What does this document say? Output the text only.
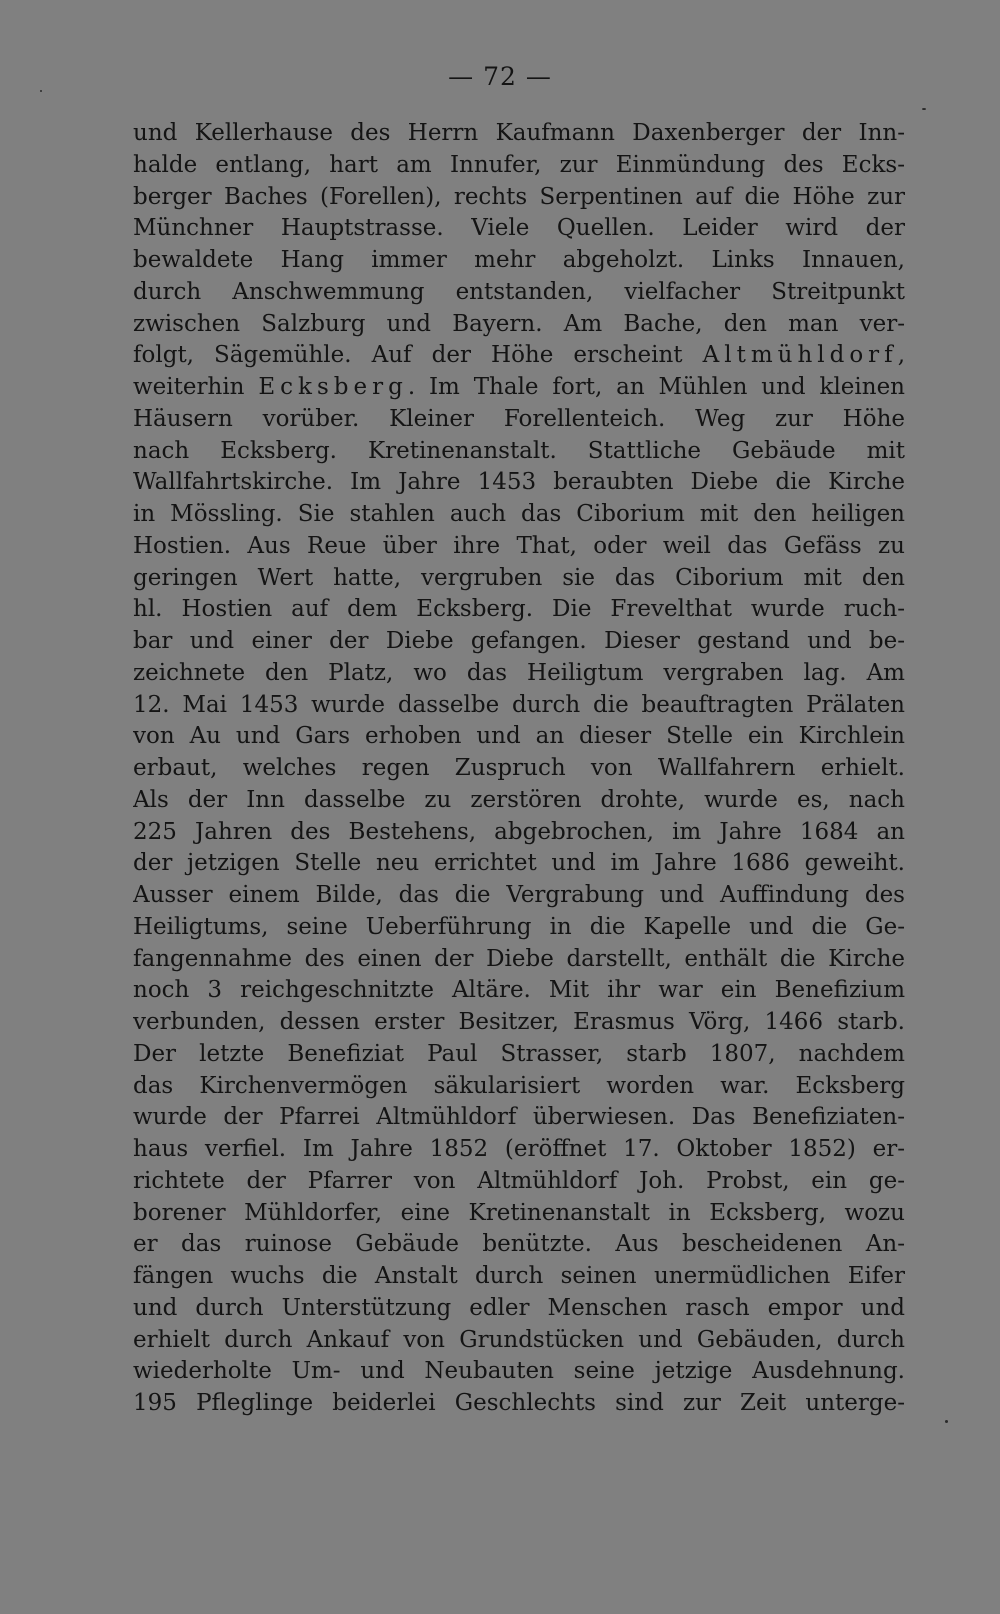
— 72 —
und Kellerhause des Herrn Kaufmann Daxenberger der Inn-
halde entlang, hart am Innufer, zur Einmündung des Ecks-
berger Baches (Forellen), rechts Serpentinen auf die Höhe zur
Münchner Hauptstrasse. Viele Quellen. Leider wird der
bewaldete Hang immer mehr abgeholzt. Links Innauen,
durch Anschwemmung entstanden, vielfacher Streitpunkt
zwischen Salzburg und Bayern. Am Bache, den man ver-
folgt, Sägemühle. Auf der Höhe erscheint Altmühldorf,
weiterhin Ecksberg. Im Thale fort, an Mühlen und kleinen
Häusern vorüber. Kleiner Forellenteich. Weg zur Höhe
nach Ecksberg. Kretinenanstalt. Stattliche Gebäude mit
Wallfahrtskirche. Im Jahre 1453 beraubten Diebe die Kirche
in Mössling. Sie stahlen auch das Ciborium mit den heiligen
Hostien. Aus Reue über ihre That, oder weil das Gefäss zu
geringen Wert hatte, vergruben sie das Ciborium mit den
hl. Hostien auf dem Ecksberg. Die Frevelthat wurde ruch-
bar und einer der Diebe gefangen. Dieser gestand und be-
zeichnete den Platz, wo das Heiligtum vergraben lag. Am
12. Mai 1453 wurde dasselbe durch die beauftragten Prälaten
von Au und Gars erhoben und an dieser Stelle ein Kirchlein
erbaut, welches regen Zuspruch von Wallfahrern erhielt.
Als der Inn dasselbe zu zerstören drohte, wurde es, nach
225 Jahren des Bestehens, abgebrochen, im Jahre 1684 an
der jetzigen Stelle neu errichtet und im Jahre 1686 geweiht.
Ausser einem Bilde, das die Vergrabung und Auffindung des
Heiligtums, seine Ueberführung in die Kapelle und die Ge-
fangennahme des einen der Diebe darstellt, enthält die Kirche
noch 3 reichgeschnitzte Altäre. Mit ihr war ein Benefizium
verbunden, dessen erster Besitzer, Erasmus Vörg, 1466 starb.
Der letzte Benefiziat Paul Strasser, starb 1807, nachdem
das Kirchenvermögen säkularisiert worden war. Ecksberg
wurde der Pfarrei Altmühldorf überwiesen. Das Benefiziaten-
haus verfiel. Im Jahre 1852 (eröffnet 17. Oktober 1852) er-
richtete der Pfarrer von Altmühldorf Joh. Probst, ein ge-
borener Mühldorfer, eine Kretinenanstalt in Ecksberg, wozu
er das ruinose Gebäude benützte. Aus bescheidenen An-
fängen wuchs die Anstalt durch seinen unermüdlichen Eifer
und durch Unterstützung edler Menschen rasch empor und
erhielt durch Ankauf von Grundstücken und Gebäuden, durch
wiederholte Um- und Neubauten seine jetzige Ausdehnung.
195 Pfleglinge beiderlei Geschlechts sind zur Zeit unterge-
